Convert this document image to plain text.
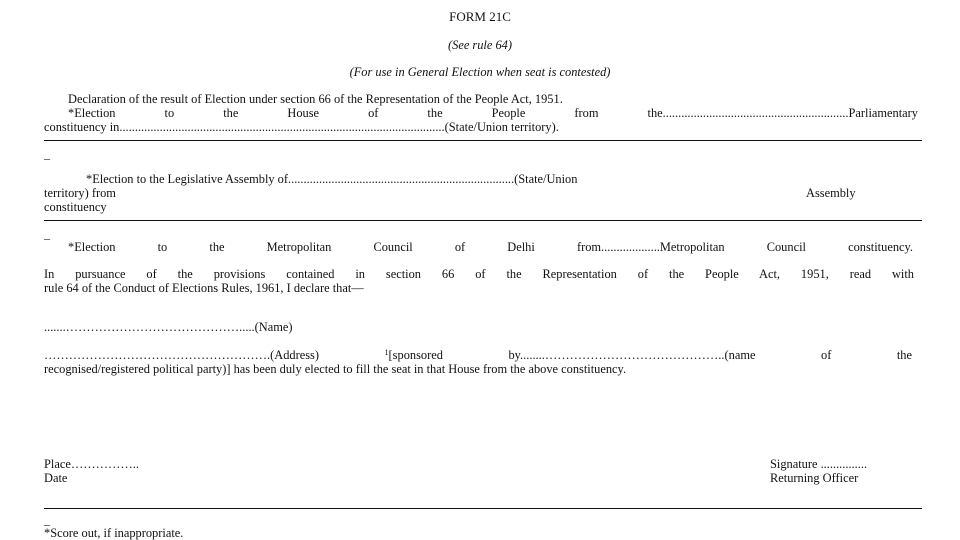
FORM 21C
(See rule 64)
(For use in General Election when seat is contested)
Declaration of the result of Election under section 66 of the Representation of the People Act, 1951.
*Election to the House of the People from the............................................................Parliamentary
constituency in.........................................................................................................(State/Union territory).
_
*Election to the Legislative Assembly of.........................................................................(State/Union
territory) from	Assembly
constituency
_
*Election to the Metropolitan Council of Delhi from...................Metropolitan Council constituency.
In pursuance of the provisions contained in section 66 of the Representation of the People Act, 1951, read with
rule 64 of the Conduct of Elections Rules, 1961, I declare that—
.......…………………………………….....(Name)
……………………………………………….(Address) $^1$[sponsored by........……………………………………..(name of the
recognised/registered political party)] has been duly elected to fill the seat in that House from the above constituency.
Place……………..
Date
Signature ...............
Returning Officer
_
*Score out, if inappropriate.
